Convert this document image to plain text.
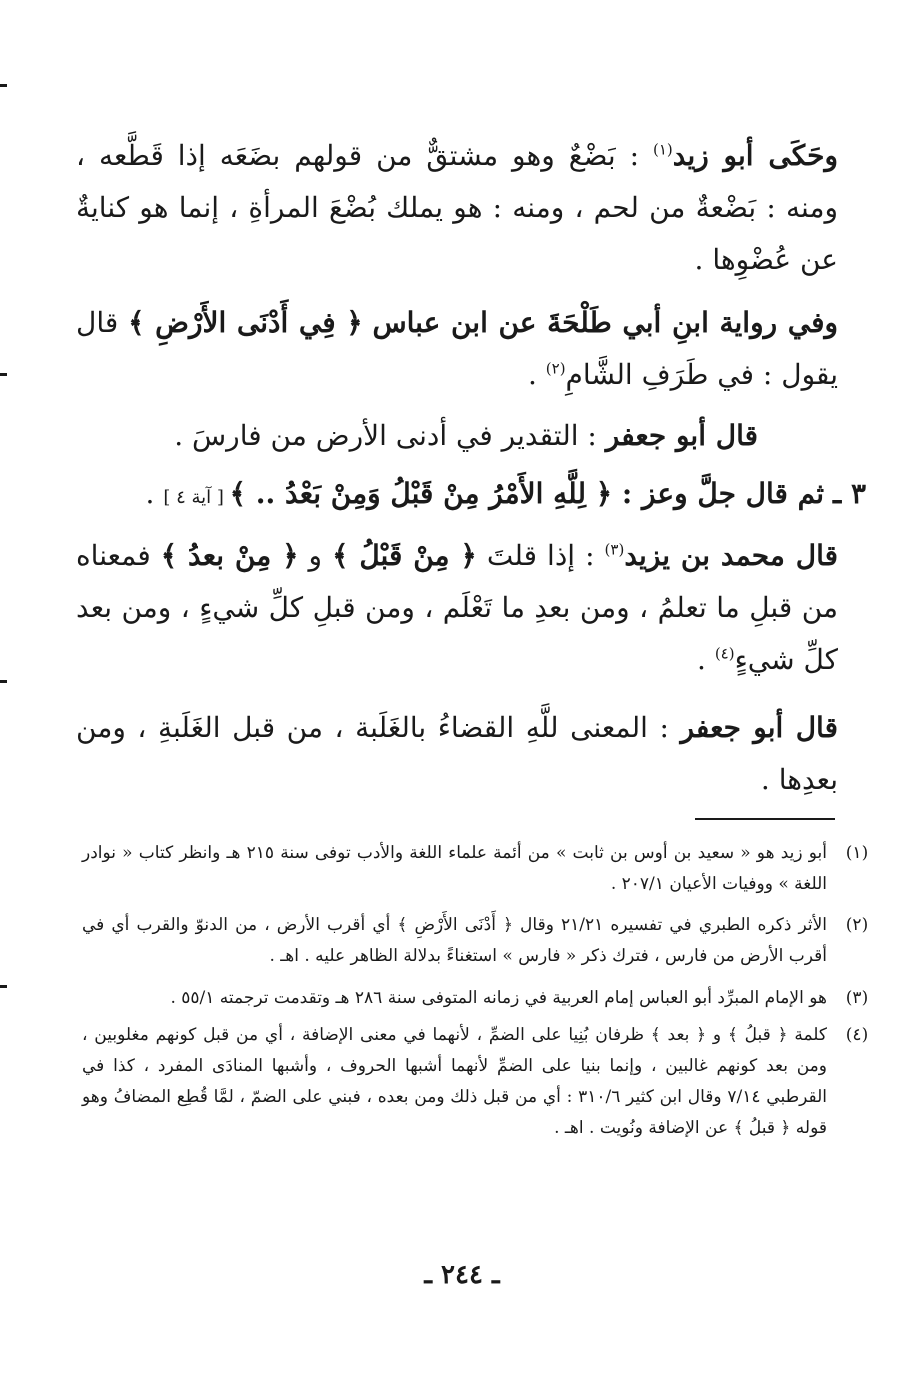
وحَكَى أبو زيد$^{(١)}$ : بَضْعٌ وهو مشتقٌّ من قولهم بضَعَه إذا قَطَّعه ، ومنه : بَضْعةٌ من لحم ، ومنه : هو يملك بُضْعَ المرأةِ ، إنما هو كنايةٌ عن عُضْوِها .

وفي رواية ابنِ أبي طَلْحَةَ عن ابن عباس ﴿ فِي أَدْنَى الأَرْضِ ﴾ قال يقول : في طَرَفِ الشَّامِ$^{(٢)}$ .

قال أبو جعفر : التقدير في أدنى الأرض من فارسَ .

٣ ـ ثم قال جلَّ وعز : ﴿ لِلَّهِ الأَمْرُ مِنْ قَبْلُ وَمِنْ بَعْدُ .. ﴾ [ آية ٤ ] .

قال محمد بن يزيد$^{(٣)}$ : إذا قلتَ ﴿ مِنْ قَبْلُ ﴾ و ﴿ مِنْ بعدُ ﴾ فمعناه من قبلِ ما تعلمُ ، ومن بعدِ ما تَعْلَم ، ومن قبلِ كلِّ شيءٍ ، ومن بعد كلِّ شيءٍ$^{(٤)}$ .

قال أبو جعفر : المعنى للَّهِ القضاءُ بالغَلَبة ، من قبل الغَلَبةِ ، ومن بعدِها .

(١)
أبو زيد هو « سعيد بن أوس بن ثابت » من أئمة علماء اللغة والأدب توفى سنة ٢١٥ هـ وانظر كتاب « نوادر اللغة » ووفيات الأعيان ٢٠٧/١ .
(٢)
الأثر ذكره الطبري في تفسيره ٢١/٢١ وقال ﴿ أَدْنَى الأَرْضِ ﴾ أي أقرب الأرض ، من الدنوّ والقرب أي في أقرب الأرض من فارس ، فترك ذكر « فارس » استغناءً بدلالة الظاهر عليه . اهـ .
(٣)
هو الإمام المبرِّد أبو العباس إمام العربية في زمانه المتوفى سنة ٢٨٦ هـ وتقدمت ترجمته ٥٥/١ .
(٤)
كلمة ﴿ قبلُ ﴾ و ﴿ بعد ﴾ ظرفان بُنِيا على الضمِّ ، لأنهما في معنى الإضافة ، أي من قبل كونهم مغلوبين ، ومن بعد كونهم غالبين ، وإنما بنيا على الضمِّ لأنهما أشبها الحروف ، وأشبها المنادَى المفرد ، كذا في القرطبي ٧/١٤ وقال ابن كثير ٣١٠/٦ : أي من قبل ذلك ومن بعده ، فبني على الضمّ ، لمَّا قُطِع المضافُ وهو قوله ﴿ قبلُ ﴾ عن الإضافة ونُويت . اهـ .
ـ ٢٤٤ ـ
